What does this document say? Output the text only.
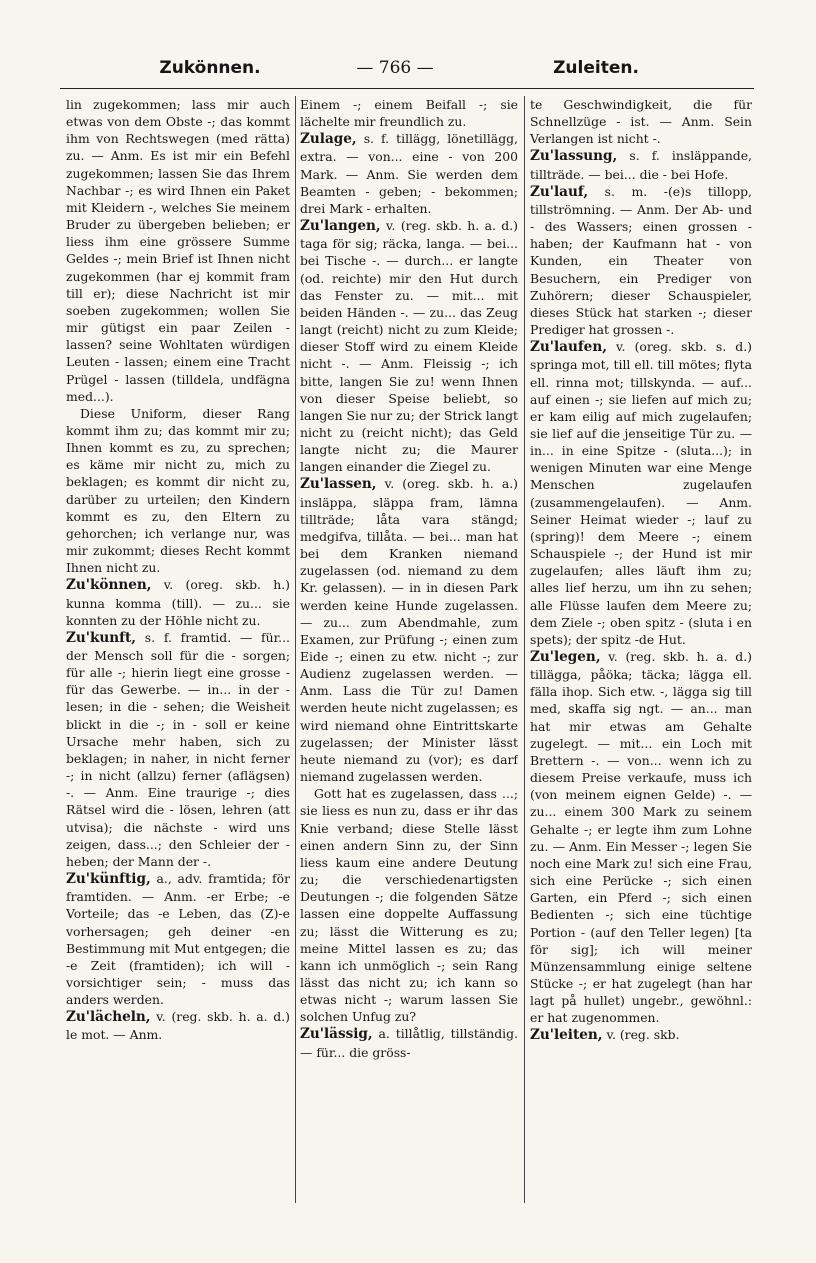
Zukönnen.	— 766 —	Zuleiten.

lin zugekommen; lass mir auch etwas von dem Obste -; das kommt ihm von Rechtswegen (med rätta) zu. — Anm. Es ist mir ein Befehl zugekommen; lassen Sie das Ihrem Nachbar -; es wird Ihnen ein Paket mit Kleidern -, welches Sie meinem Bruder zu übergeben belieben; er liess ihm eine grössere Summe Geldes -; mein Brief ist Ihnen nicht zugekommen (har ej kommit fram till er); diese Nachricht ist mir soeben zugekommen; wollen Sie mir gütigst ein paar Zeilen - lassen? seine Wohltaten würdigen Leuten - lassen; einem eine Tracht Prügel - lassen (tilldela, undfägna med...).

Diese Uniform, dieser Rang kommt ihm zu; das kommt mir zu; Ihnen kommt es zu, zu sprechen; es käme mir nicht zu, mich zu beklagen; es kommt dir nicht zu, darüber zu urteilen; den Kindern kommt es zu, den Eltern zu gehorchen; ich verlange nur, was mir zukommt; dieses Recht kommt Ihnen nicht zu.

Zu'können, v. (oreg. skb. h.) kunna komma (till). — zu... sie konnten zu der Höhle nicht zu.

Zu'kunft, s. f. framtid. — für... der Mensch soll für die - sorgen; für alle -; hierin liegt eine grosse - für das Gewerbe. — in... in der - lesen; in die - sehen; die Weisheit blickt in die -; in - soll er keine Ursache mehr haben, sich zu beklagen; in naher, in nicht ferner -; in nicht (allzu) ferner (aflägsen) -. — Anm. Eine traurige -; dies Rätsel wird die - lösen, lehren (att utvisa); die nächste - wird uns zeigen, dass...; den Schleier der - heben; der Mann der -.

Zu'künftig, a., adv. framtida; för framtiden. — Anm. -er Erbe; -e Vorteile; das -e Leben, das (Z)-e vorhersagen; geh deiner -en Bestimmung mit Mut entgegen; die -e Zeit (framtiden); ich will - vorsichtiger sein; - muss das anders werden.

Zu'lächeln, v. (reg. skb. h. a. d.) le mot. — Anm.

Einem -; einem Beifall -; sie lächelte mir freundlich zu.

Zulage, s. f. tillägg, lönetillägg, extra. — von... eine - von 200 Mark. — Anm. Sie werden dem Beamten - geben; - bekommen; drei Mark - erhalten.

Zu'langen, v. (reg. skb. h. a. d.) taga för sig; räcka, langa. — bei... bei Tische -. — durch... er langte (od. reichte) mir den Hut durch das Fenster zu. — mit... mit beiden Händen -. — zu... das Zeug langt (reicht) nicht zu zum Kleide; dieser Stoff wird zu einem Kleide nicht -. — Anm. Fleissig -; ich bitte, langen Sie zu! wenn Ihnen von dieser Speise beliebt, so langen Sie nur zu; der Strick langt nicht zu (reicht nicht); das Geld langte nicht zu; die Maurer langen einander die Ziegel zu.

Zu'lassen, v. (oreg. skb. h. a.) insläppa, släppa fram, lämna tillträde; låta vara stängd; medgifva, tillåta. — bei... man hat bei dem Kranken niemand zugelassen (od. niemand zu dem Kr. gelassen). — in in diesen Park werden keine Hunde zugelassen. — zu... zum Abendmahle, zum Examen, zur Prüfung -; einen zum Eide -; einen zu etw. nicht -; zur Audienz zugelassen werden. — Anm. Lass die Tür zu! Damen werden heute nicht zugelassen; es wird niemand ohne Eintrittskarte zugelassen; der Minister lässt heute niemand zu (vor); es darf niemand zugelassen werden.

Gott hat es zugelassen, dass ...; sie liess es nun zu, dass er ihr das Knie verband; diese Stelle lässt einen andern Sinn zu, der Sinn liess kaum eine andere Deutung zu; die verschiedenartigsten Deutungen -; die folgenden Sätze lassen eine doppelte Auffassung zu; lässt die Witterung es zu; meine Mittel lassen es zu; das kann ich unmöglich -; sein Rang lässt das nicht zu; ich kann so etwas nicht -; warum lassen Sie solchen Unfug zu?

Zu'lässig, a. tillåtlig, tillständig. — für... die gröss-

te Geschwindigkeit, die für Schnellzüge - ist. — Anm. Sein Verlangen ist nicht -.

Zu'lassung, s. f. insläppande, tillträde. — bei... die - bei Hofe.

Zu'lauf, s. m. -(e)s tillopp, tillströmning. — Anm. Der Ab- und - des Wassers; einen grossen - haben; der Kaufmann hat - von Kunden, ein Theater von Besuchern, ein Prediger von Zuhörern; dieser Schauspieler, dieses Stück hat starken -; dieser Prediger hat grossen -.

Zu'laufen, v. (oreg. skb. s. d.) springa mot, till ell. till mötes; flyta ell. rinna mot; tillskynda. — auf... auf einen -; sie liefen auf mich zu; er kam eilig auf mich zugelaufen; sie lief auf die jenseitige Tür zu. — in... in eine Spitze - (sluta...); in wenigen Minuten war eine Menge Menschen zugelaufen (zusammengelaufen). — Anm. Seiner Heimat wieder -; lauf zu (spring)! dem Meere -; einem Schauspiele -; der Hund ist mir zugelaufen; alles läuft ihm zu; alles lief herzu, um ihn zu sehen; alle Flüsse laufen dem Meere zu; dem Ziele -; oben spitz - (sluta i en spets); der spitz -de Hut.

Zu'legen, v. (reg. skb. h. a. d.) tillägga, påöka; täcka; lägga ell. fälla ihop. Sich etw. -, lägga sig till med, skaffa sig ngt. — an... man hat mir etwas am Gehalte zugelegt. — mit... ein Loch mit Brettern -. — von... wenn ich zu diesem Preise verkaufe, muss ich (von meinem eignen Gelde) -. — zu... einem 300 Mark zu seinem Gehalte -; er legte ihm zum Lohne zu. — Anm. Ein Messer -; legen Sie noch eine Mark zu! sich eine Frau, sich eine Perücke -; sich einen Garten, ein Pferd -; sich einen Bedienten -; sich eine tüchtige Portion - (auf den Teller legen) [ta för sig]; ich will meiner Münzensammlung einige seltene Stücke -; er hat zugelegt (han har lagt på hullet) ungebr., gewöhnl.: er hat zugenommen.

Zu'leiten, v. (reg. skb.
